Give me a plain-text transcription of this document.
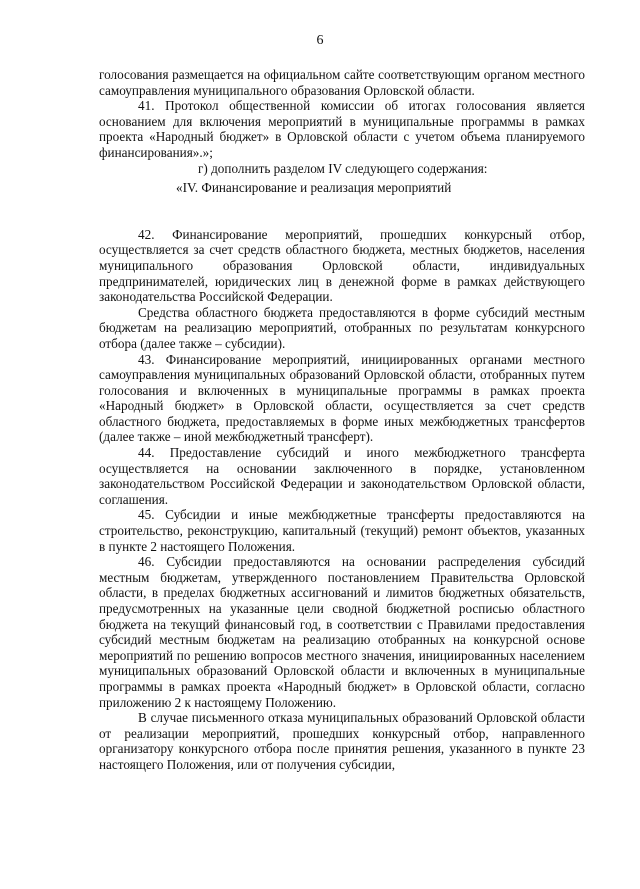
6

голосования размещается на официальном сайте соответствующим органом местного самоуправления муниципального образования Орловской области.

41. Протокол общественной комиссии об итогах голосования является основанием для включения мероприятий в муниципальные программы в рамках проекта «Народный бюджет» в Орловской области с учетом объема планируемого финансирования».»;

г) дополнить разделом IV следующего содержания:

«IV. Финансирование и реализация мероприятий

42. Финансирование мероприятий, прошедших конкурсный отбор, осуществляется за счет средств областного бюджета, местных бюджетов, населения муниципального образования Орловской области, индивидуальных предпринимателей, юридических лиц в денежной форме в рамках действующего законодательства Российской Федерации.

Средства областного бюджета предоставляются в форме субсидий местным бюджетам на реализацию мероприятий, отобранных по результатам конкурсного отбора (далее также – субсидии).

43. Финансирование мероприятий, инициированных органами местного самоуправления муниципальных образований Орловской области, отобранных путем голосования и включенных в муниципальные программы в рамках проекта «Народный бюджет» в Орловской области, осуществляется за счет средств областного бюджета, предоставляемых в форме иных межбюджетных трансфертов (далее также – иной межбюджетный трансферт).

44. Предоставление субсидий и иного межбюджетного трансферта осуществляется на основании заключенного в порядке, установленном законодательством Российской Федерации и законодательством Орловской области, соглашения.

45. Субсидии и иные межбюджетные трансферты предоставляются на строительство, реконструкцию, капитальный (текущий) ремонт объектов, указанных в пункте 2 настоящего Положения.

46. Субсидии предоставляются на основании распределения субсидий местным бюджетам, утвержденного постановлением Правительства Орловской области, в пределах бюджетных ассигнований и лимитов бюджетных обязательств, предусмотренных на указанные цели сводной бюджетной росписью областного бюджета на текущий финансовый год, в соответствии с Правилами предоставления субсидий местным бюджетам на реализацию отобранных на конкурсной основе мероприятий по решению вопросов местного значения, инициированных населением муниципальных образований Орловской области и включенных в муниципальные программы в рамках проекта «Народный бюджет» в Орловской области, согласно приложению 2 к настоящему Положению.

В случае письменного отказа муниципальных образований Орловской области от реализации мероприятий, прошедших конкурсный отбор, направленного организатору конкурсного отбора после принятия решения, указанного в пункте 23 настоящего Положения, или от получения субсидии,
